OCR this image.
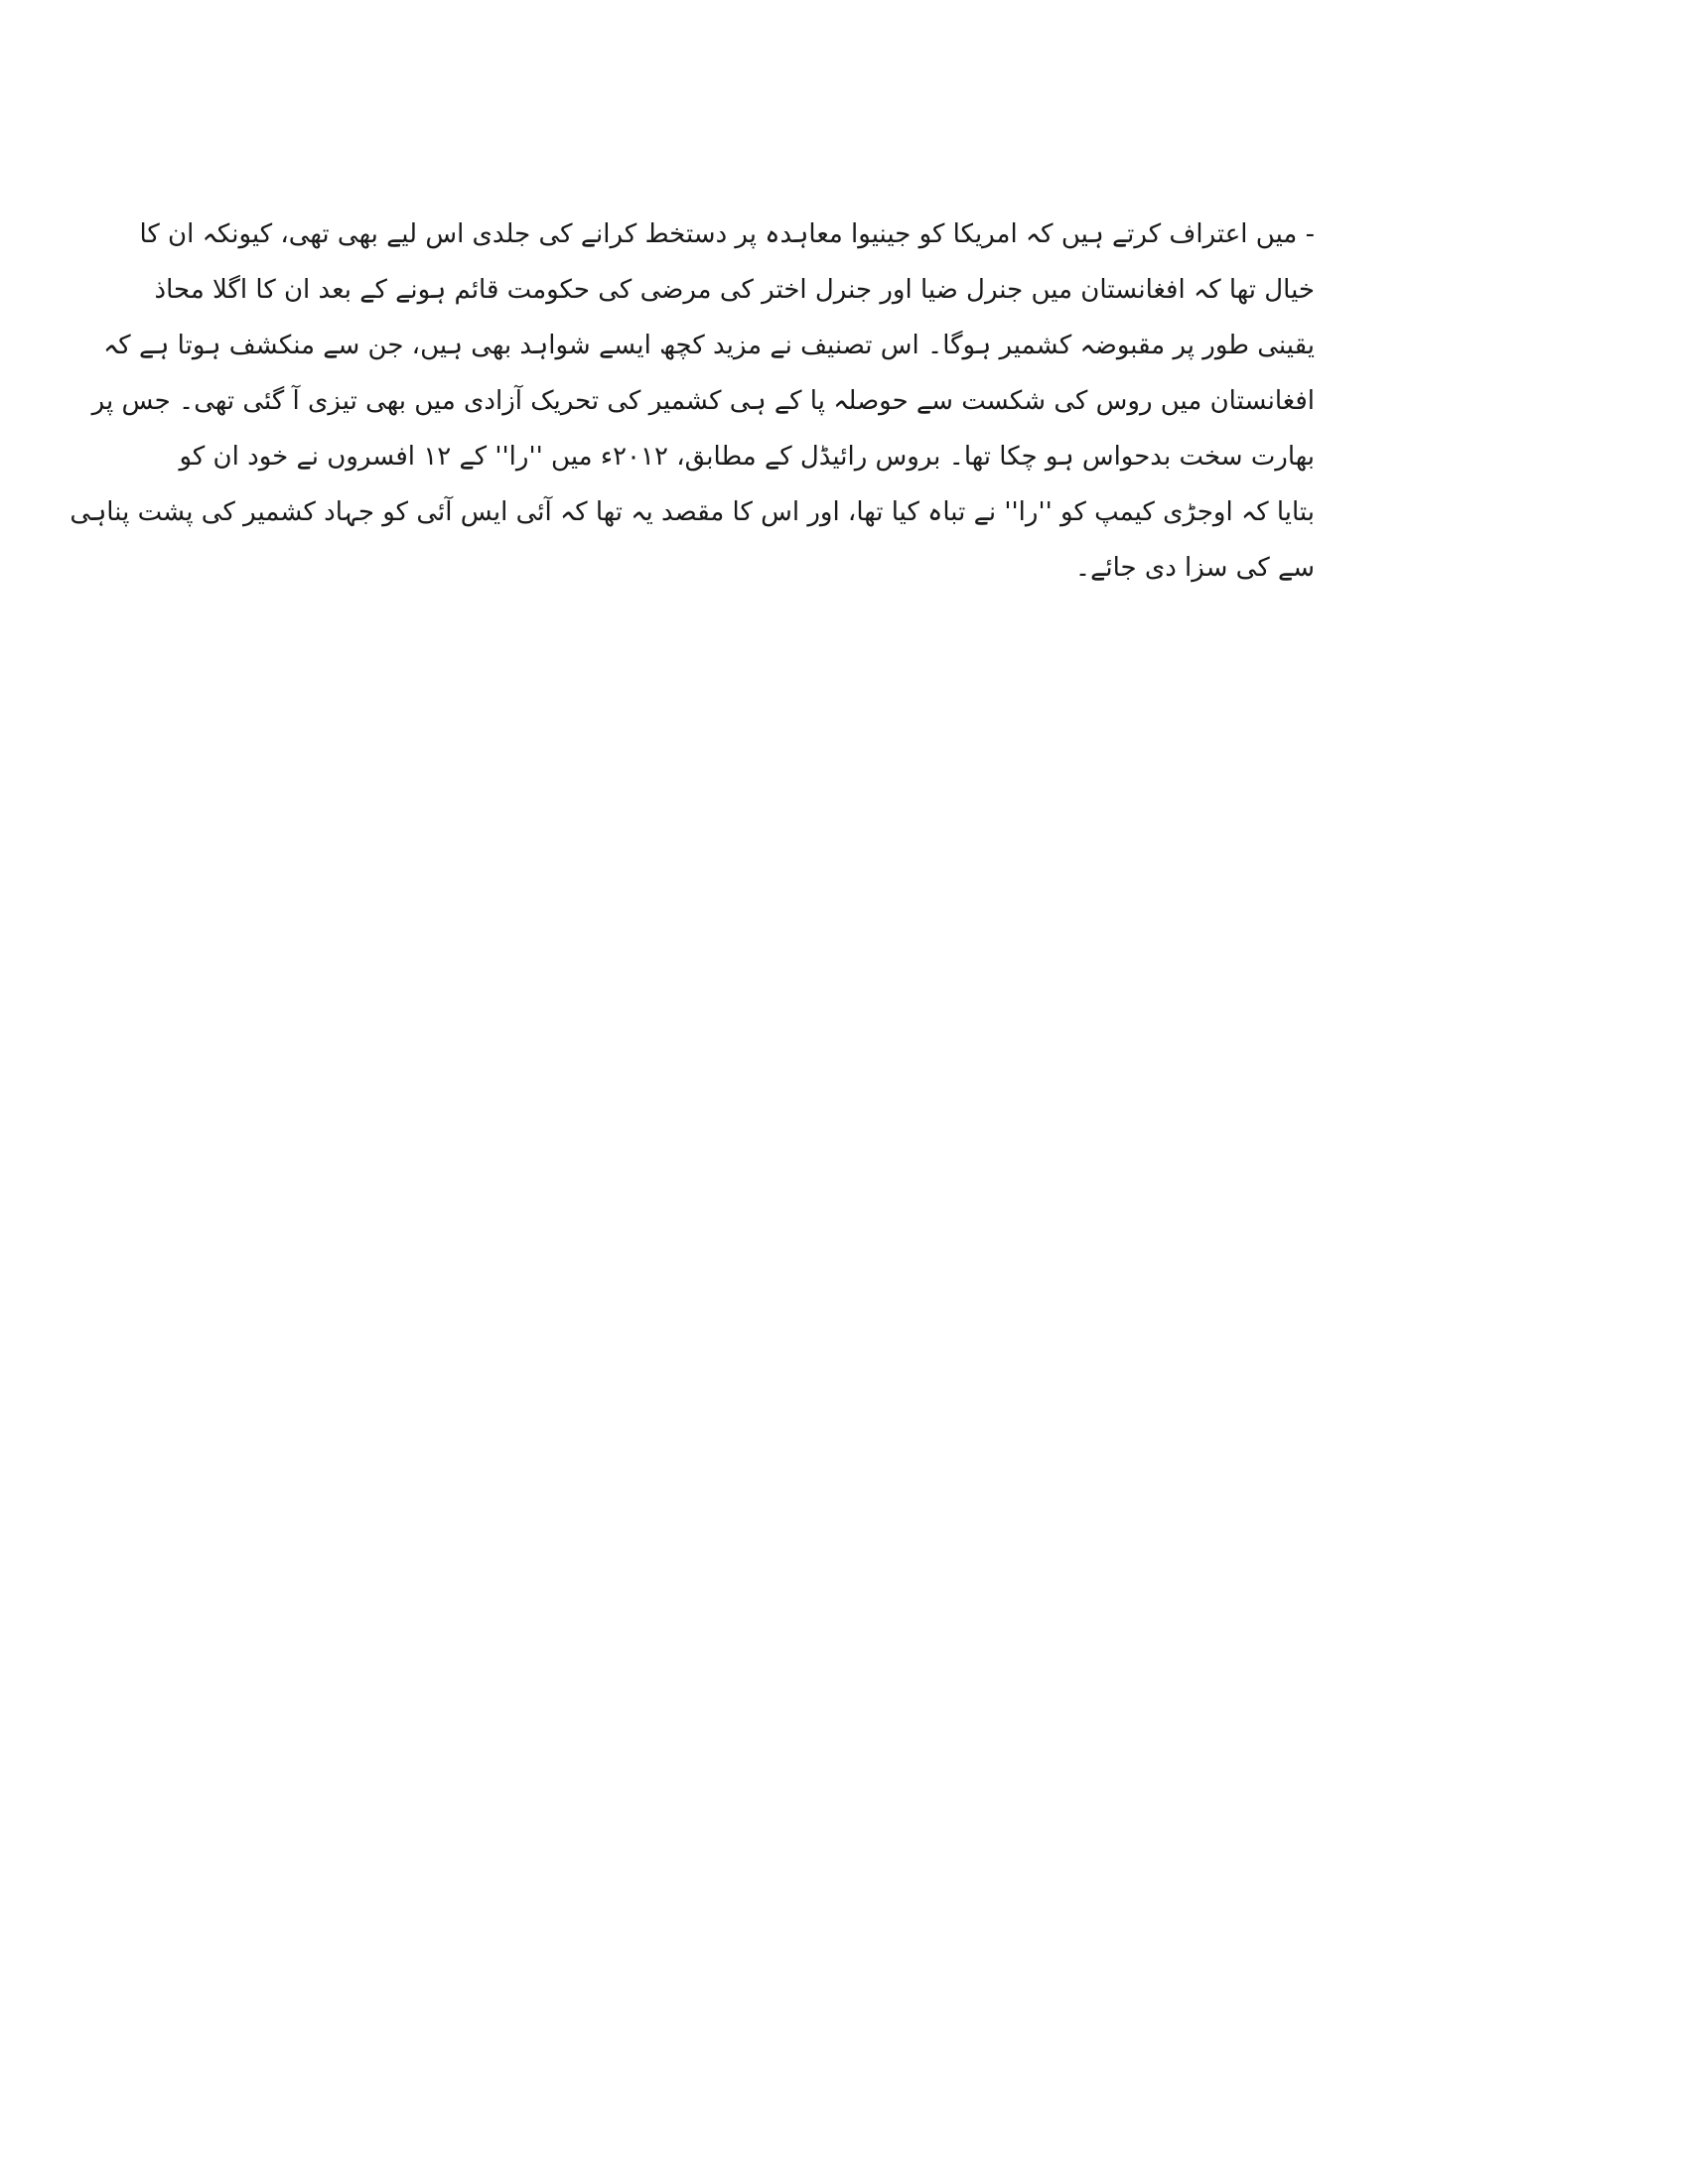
- میں اعتراف کرتے ہیں کہ امریکا کو جینیوا معاہدہ پر دستخط کرانے کی جلدی اس لیے بھی تھی، کیونکہ ان کا
خیال تھا کہ افغانستان میں جنرل ضیا اور جنرل اختر کی مرضی کی حکومت قائم ہونے کے بعد ان کا اگلا محاذ
یقینی طور پر مقبوضہ کشمیر ہوگا۔ اس تصنیف نے مزید کچھ ایسے شواہد بھی ہیں، جن سے منکشف ہوتا ہے کہ
افغانستان میں روس کی شکست سے حوصلہ پا کے ہی کشمیر کی تحریک آزادی میں بھی تیزی آ گئی تھی۔ جس پر
بھارت سخت بدحواس ہو چکا تھا۔ بروس رائیڈل کے مطابق، ۲۰۱۲ء میں ''را'' کے ۱۲ افسروں نے خود ان کو
بتایا کہ اوجڑی کیمپ کو ''را'' نے تباہ کیا تھا، اور اس کا مقصد یہ تھا کہ آئی ایس آئی کو جہاد کشمیر کی پشت پناہی
سے کی سزا دی جائے۔
